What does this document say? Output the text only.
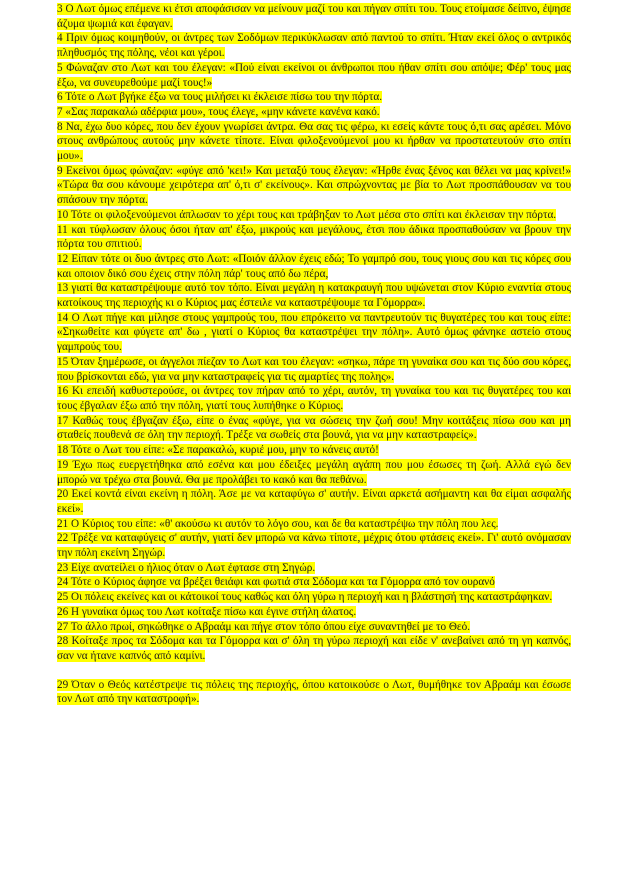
3 Ο Λωτ όμως επέμενε κι έτσι αποφάσισαν να μείνουν μαζί του και πήγαν σπίτι του. Τους ετοίμασε δείπνο, έψησε άζυμα ψωμιά και έφαγαν.

4 Πριν όμως κοιμηθούν, οι άντρες των Σοδόμων περικύκλωσαν από παντού το σπίτι. Ήταν εκεί όλος ο αντρικός πληθυσμός της πόλης, νέοι και γέροι.

5 Φώναζαν στο Λωτ και του έλεγαν: «Πού είναι εκείνοι οι άνθρωποι που ήθαν σπίτι σου απόψε; Φέρ' τους μας έξω, να συνευρεθούμε μαζί τους!»

6 Τότε ο Λωτ βγήκε έξω να τους μιλήσει κι έκλεισε πίσω του την πόρτα.

7 «Σας παρακαλώ αδέρφια μου», τους έλεγε, «μην κάνετε κανένα κακό.

8 Να, έχω δυο κόρες, που δεν έχουν γνωρίσει άντρα. Θα σας τις φέρω, κι εσείς κάντε τους ό,τι σας αρέσει. Μόνο στους ανθρώπους αυτούς μην κάνετε τίποτε. Είναι φιλοξενούμενοί μου κι ήρθαν να προστατευτούν στο σπίτι μου».

9 Εκείνοι όμως φώναζαν: «φύγε από 'κει!» Και μεταξύ τους έλεγαν: «Ήρθε ένας ξένος και θέλει να μας κρίνει!» «Τώρα θα σου κάνουμε χειρότερα απ' ό,τι σ' εκείνους». Και σπρώχνοντας με βία το Λωτ προσπάθουσαν να του σπάσουν την πόρτα.

10 Τότε οι φιλοξενούμενοι άπλωσαν το χέρι τους και τράβηξαν το Λωτ μέσα στο σπίτι και έκλεισαν την πόρτα.

11 και τύφλωσαν όλους όσοι ήταν απ' έξω, μικρούς και μεγάλους, έτσι που άδικα προσπαθούσαν να βρουν την πόρτα του σπιτιού.

12 Είπαν τότε οι δυο άντρες στο Λωτ: «Ποιόν άλλον έχεις εδώ; Το γαμπρό σου, τους γιους σου και τις κόρες σου και οποιον δικό σου έχεις στην πόλη πάρ' τους από δω πέρα,

13 γιατί θα καταστρέψουμε αυτό τον τόπο. Είναι μεγάλη η κατακραυγή που υψώνεται στον Κύριο εναντία στους κατοίκους της περιοχής κι ο Κύριος μας έστειλε να καταστρέψουμε τα Γόμορρα».

14 Ο Λωτ πήγε και μίλησε στους γαμπρούς του, που επρόκειτο να παντρευτούν τις θυγατέρες του και τους είπε: «Σηκωθείτε και φύγετε απ' δω , γιατί ο Κύριος θα καταστρέψει την πόλη». Αυτό όμως φάνηκε αστείο στους γαμπρούς του.

15 Όταν ξημέρωσε, οι άγγελοι πίεζαν το Λωτ και του έλεγαν: «σηκω, πάρε τη γυναίκα σου και τις δύο σου κόρες, που βρίσκονται εδώ, για να μην καταστραφείς για τις αμαρτίες της πολης».

16 Κι επειδή καθυστερούσε, οι άντρες τον πήραν από το χέρι, αυτόν, τη γυναίκα του και τις θυγατέρες του και τους έβγαλαν έξω από την πόλη, γιατί τους λυπήθηκε ο Κύριος.

17 Καθώς τους έβγαζαν έξω, είπε ο ένας «φύγε, για να σώσεις την ζωή σου! Μην κοιτάξεις πίσω σου και μη σταθείς πουθενά σε όλη την περιοχή. Τρέξε να σωθείς στα βουνά, για να μην καταστραφείς».

18 Τότε ο Λωτ του είπε: «Σε παρακαλώ, κυριέ μου, μην το κάνεις αυτό!

19 Έχω πως ευεργετήθηκα από εσένα και μου έδειξες μεγάλη αγάπη που μου έσωσες τη ζωή. Αλλά εγώ δεν μπορώ να τρέχω στα βουνά. Θα με προλάβει το κακό και θα πεθάνω.

20 Εκεί κοντά είναι εκείνη η πόλη. Άσε με να καταφύγω σ' αυτήν. Είναι αρκετά ασήμαντη και θα είμαι ασφαλής εκεί».

21 Ο Κύριος του είπε: «θ' ακούσω κι αυτόν το λόγο σου, και δε θα καταστρέψω την πόλη που λες.

22 Τρέξε να καταφύγεις σ' αυτήν, γιατί δεν μπορώ να κάνω τίποτε, μέχρις ότου φτάσεις εκεί». Γι' αυτό ονόμασαν την πόλη εκείνη Σηγώρ.

23 Είχε ανατείλει ο ήλιος όταν ο Λωτ έφτασε στη Σηγώρ.

24 Τότε ο Κύριος άφησε να βρέξει θειάφι και φωτιά στα Σόδομα και τα Γόμορρα από τον ουρανό

25 Οι πόλεις εκείνες και οι κάτοικοί τους καθώς και όλη γύρω η περιοχή και η βλάστησή της καταστράφηκαν.

26 Η γυναίκα όμως του Λωτ κοίταξε πίσω και έγινε στήλη άλατος.

27 Το άλλο πρωί, σηκώθηκε ο Αβραάμ και πήγε στον τόπο όπου είχε συναντηθεί με το Θεό.

28 Κοίταξε προς τα Σόδομα και τα Γόμορρα και σ' όλη τη γύρω περιοχή και είδε ν' ανεβαίνει από τη γη καπνός, σαν να ήτανε καπνός από καμίνι.

29 Όταν ο Θεός κατέστρεψε τις πόλεις της περιοχής, όπου κατοικούσε ο Λωτ, θυμήθηκε τον Αβραάμ και έσωσε τον Λωτ από την καταστροφή».
